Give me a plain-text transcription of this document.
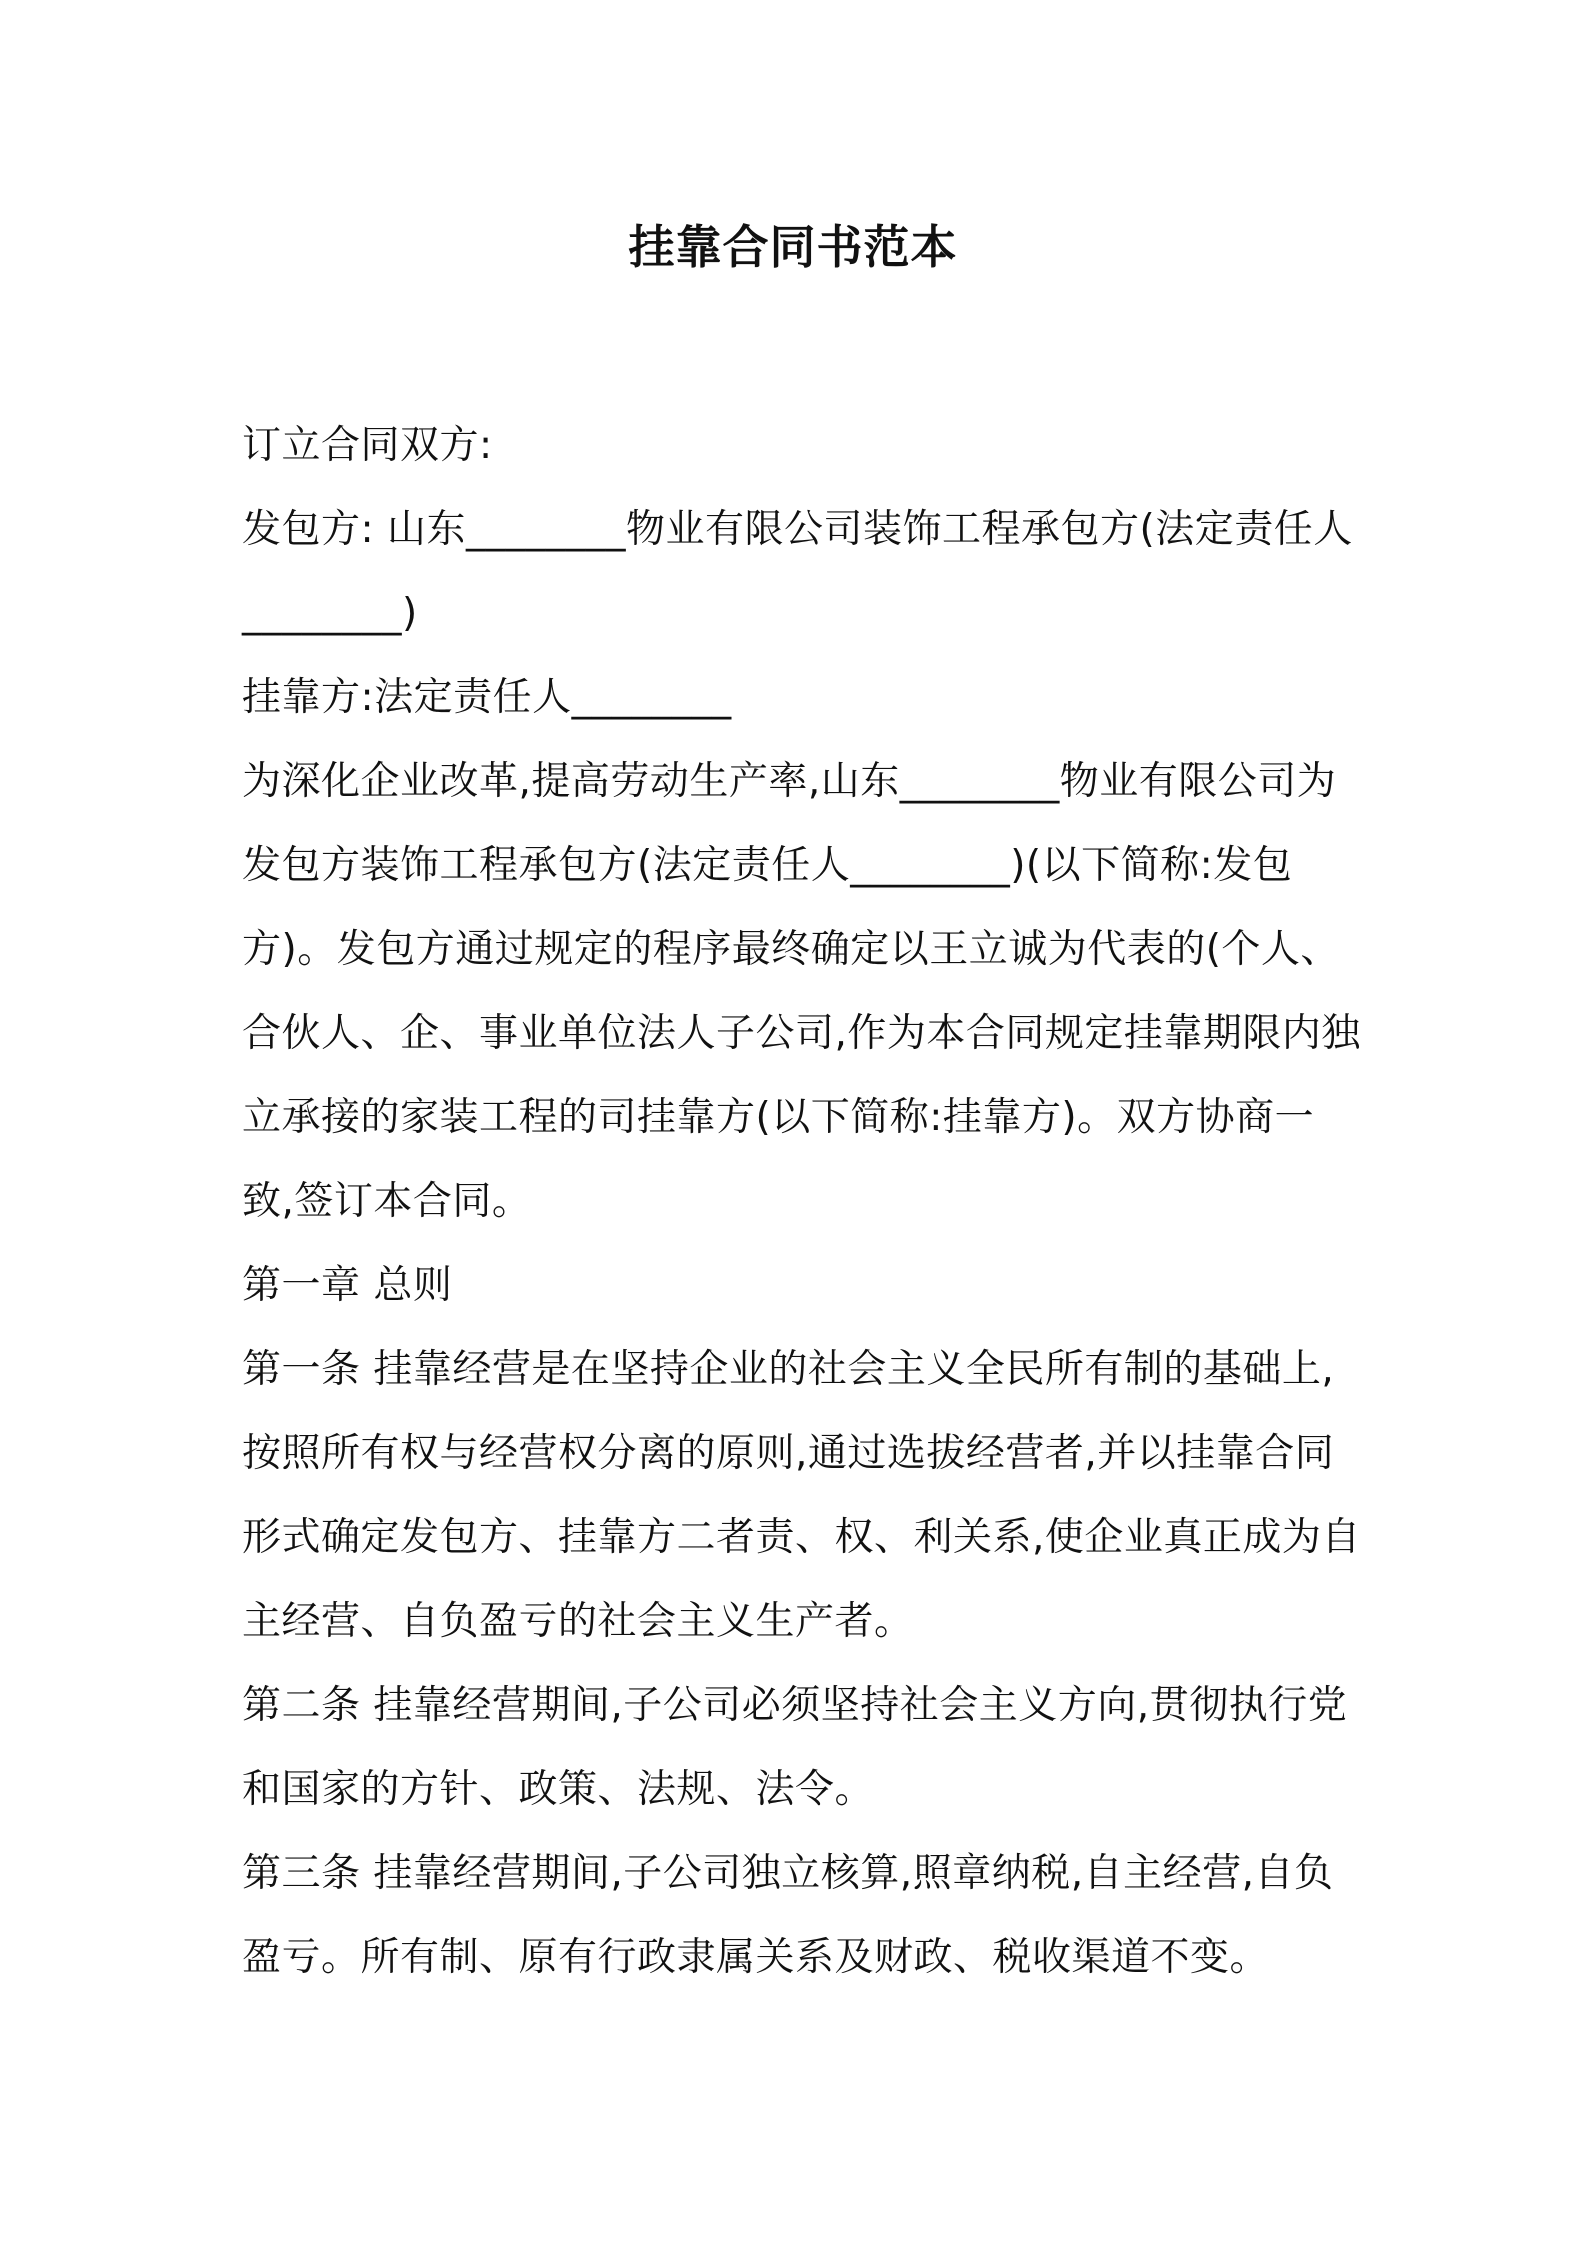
挂靠合同书范本

订立合同双方:

发包方: 山东________物业有限公司装饰工程承包方(法定责任人________)

挂靠方:法定责任人________

为深化企业改革,提高劳动生产率,山东________物业有限公司为发包方装饰工程承包方(法定责任人________)(以下简称:发包方)。发包方通过规定的程序最终确定以王立诚为代表的(个人、合伙人、企、事业单位法人子公司,作为本合同规定挂靠期限内独立承接的家装工程的司挂靠方(以下简称:挂靠方)。双方协商一致,签订本合同。

第一章 总则

第一条 挂靠经营是在坚持企业的社会主义全民所有制的基础上,按照所有权与经营权分离的原则,通过选拔经营者,并以挂靠合同形式确定发包方、挂靠方二者责、权、利关系,使企业真正成为自主经营、自负盈亏的社会主义生产者。

第二条 挂靠经营期间,子公司必须坚持社会主义方向,贯彻执行党和国家的方针、政策、法规、法令。

第三条 挂靠经营期间,子公司独立核算,照章纳税,自主经营,自负盈亏。所有制、原有行政隶属关系及财政、税收渠道不变。
